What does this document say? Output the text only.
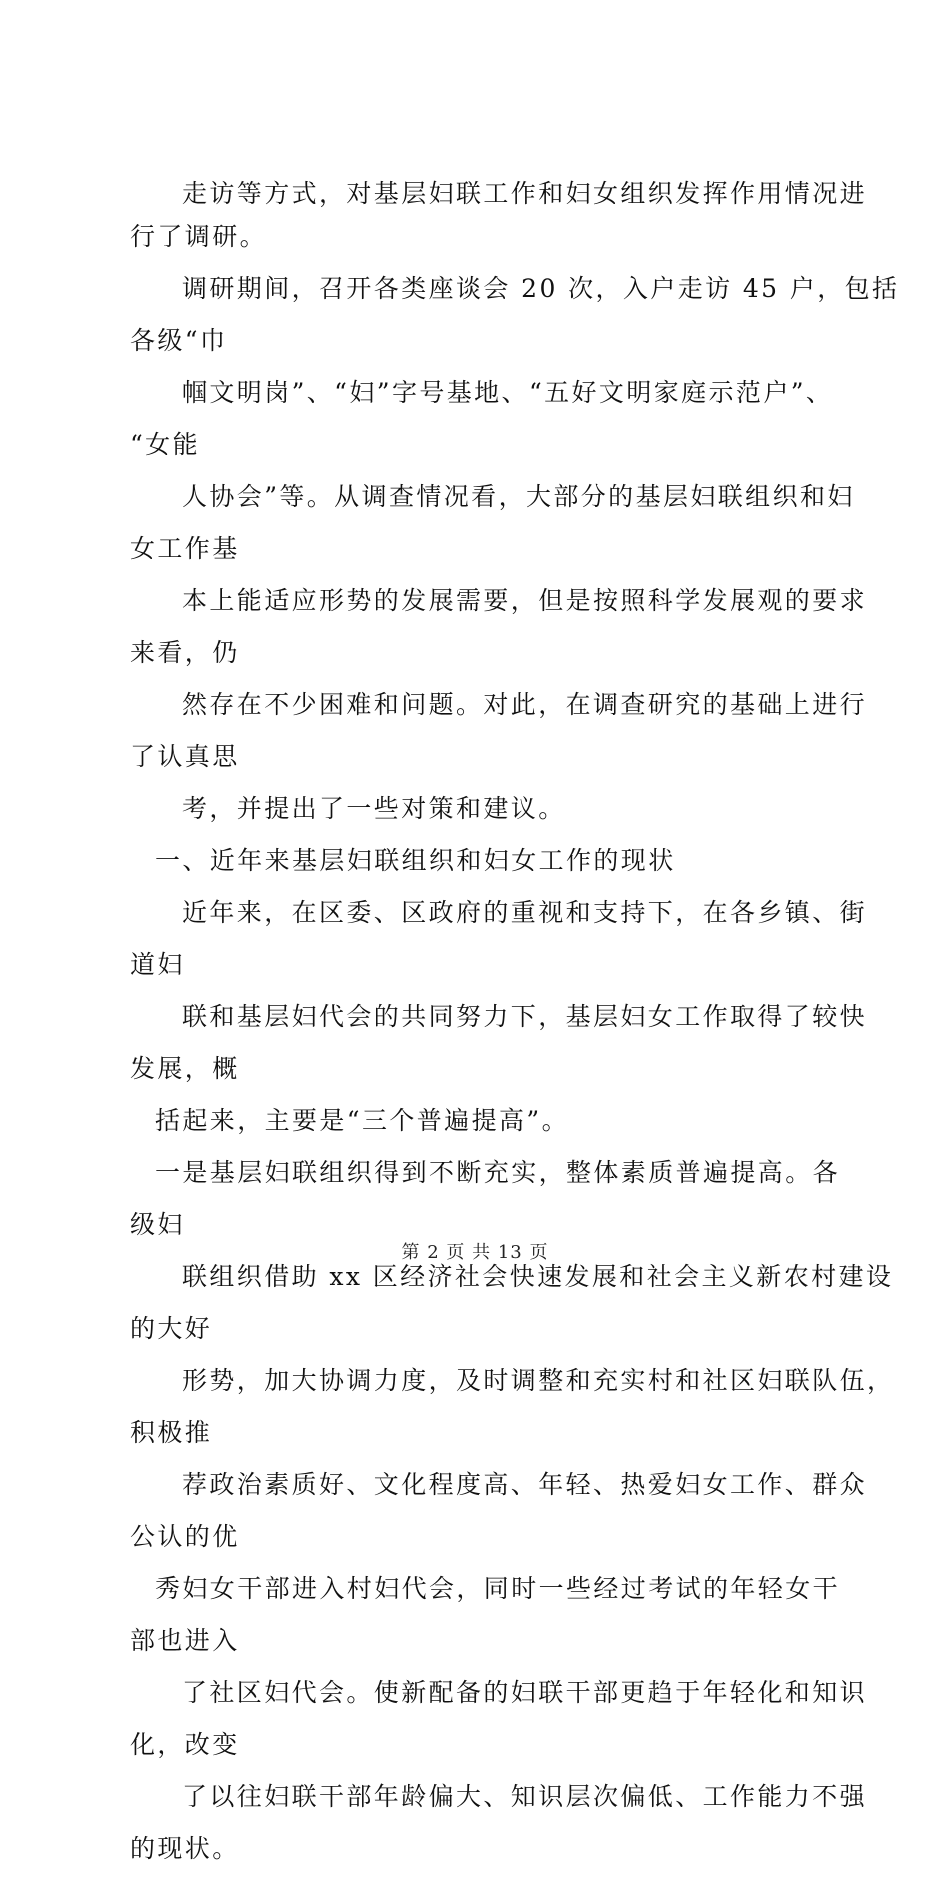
走访等方式，对基层妇联工作和妇女组织发挥作用情况进
行了调研。
调研期间，召开各类座谈会 20 次，入户走访 45 户，包括
各级“巾
帼文明岗”、“妇”字号基地、“五好文明家庭示范户”、
“女能
人协会”等。从调查情况看，大部分的基层妇联组织和妇
女工作基
本上能适应形势的发展需要，但是按照科学发展观的要求
来看，仍
然存在不少困难和问题。对此，在调查研究的基础上进行
了认真思
考，并提出了一些对策和建议。
一、近年来基层妇联组织和妇女工作的现状
近年来，在区委、区政府的重视和支持下，在各乡镇、街
道妇
联和基层妇代会的共同努力下，基层妇女工作取得了较快
发展，概
括起来，主要是“三个普遍提高”。
一是基层妇联组织得到不断充实，整体素质普遍提高。各
级妇
联组织借助 xx 区经济社会快速发展和社会主义新农村建设
的大好
形势，加大协调力度，及时调整和充实村和社区妇联队伍，
积极推
荐政治素质好、文化程度高、年轻、热爱妇女工作、群众
公认的优
秀妇女干部进入村妇代会，同时一些经过考试的年轻女干
部也进入
了社区妇代会。使新配备的妇联干部更趋于年轻化和知识
化，改变
了以往妇联干部年龄偏大、知识层次偏低、工作能力不强
的现状。
第 2 页 共 13 页
